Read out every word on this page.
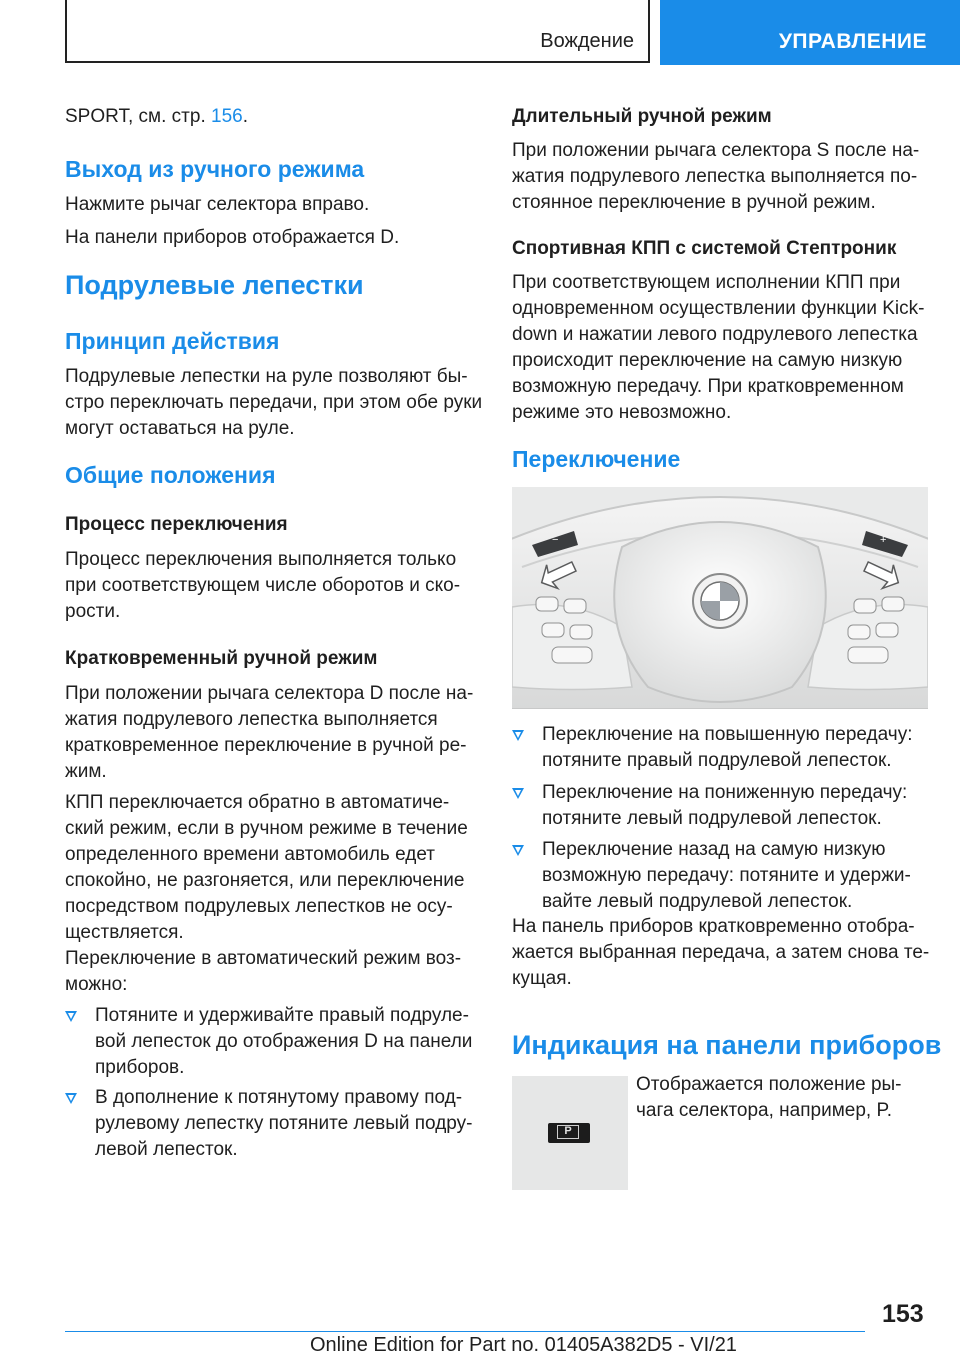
Вождение	УПРАВЛЕНИЕ
SPORT, см. стр. 156.
Выход из ручного режима
Нажмите рычаг селектора вправо.
На панели приборов отображается D.
Подрулевые лепестки
Принцип действия
Подрулевые лепестки на руле позволяют бы-стро переключать передачи, при этом обе руки могут оставаться на руле.
Общие положения
Процесс переключения
Процесс переключения выполняется только при соответствующем числе оборотов и ско-рости.
Кратковременный ручной режим
При положении рычага селектора D после на-жатия подрулевого лепестка выполняется кратковременное переключение в ручной ре-жим.
КПП переключается обратно в автоматиче-ский режим, если в ручном режиме в течение определенного времени автомобиль едет спокойно, не разгоняется, или переключение посредством подрулевых лепестков не осу-ществляется.
Переключение в автоматический режим воз-можно:
Потяните и удерживайте правый подруле-вой лепесток до отображения D на панели приборов.
В дополнение к потянутому правому под-рулевому лепестку потяните левый подру-левой лепесток.
Длительный ручной режим
При положении рычага селектора S после на-жатия подрулевого лепестка выполняется по-стоянное переключение в ручной режим.
Спортивная КПП с системой Стептроник
При соответствующем исполнении КПП при одновременном осуществлении функции Kick-down и нажатии левого подрулевого лепестка происходит переключение на самую низкую возможную передачу. При кратковременном режиме это невозможно.
Переключение
Переключение на повышенную передачу: потяните правый подрулевой лепесток.
Переключение на пониженную передачу: потяните левый подрулевой лепесток.
Переключение назад на самую низкую возможную передачу: потяните и удержи-вайте левый подрулевой лепесток.
На панель приборов кратковременно отобра-жается выбранная передача, а затем снова те-кущая.
Индикация на панели приборов
Отображается положение ры-чага селектора, например, P.
−	+
P
153
Online Edition for Part no. 01405A382D5 - VI/21
